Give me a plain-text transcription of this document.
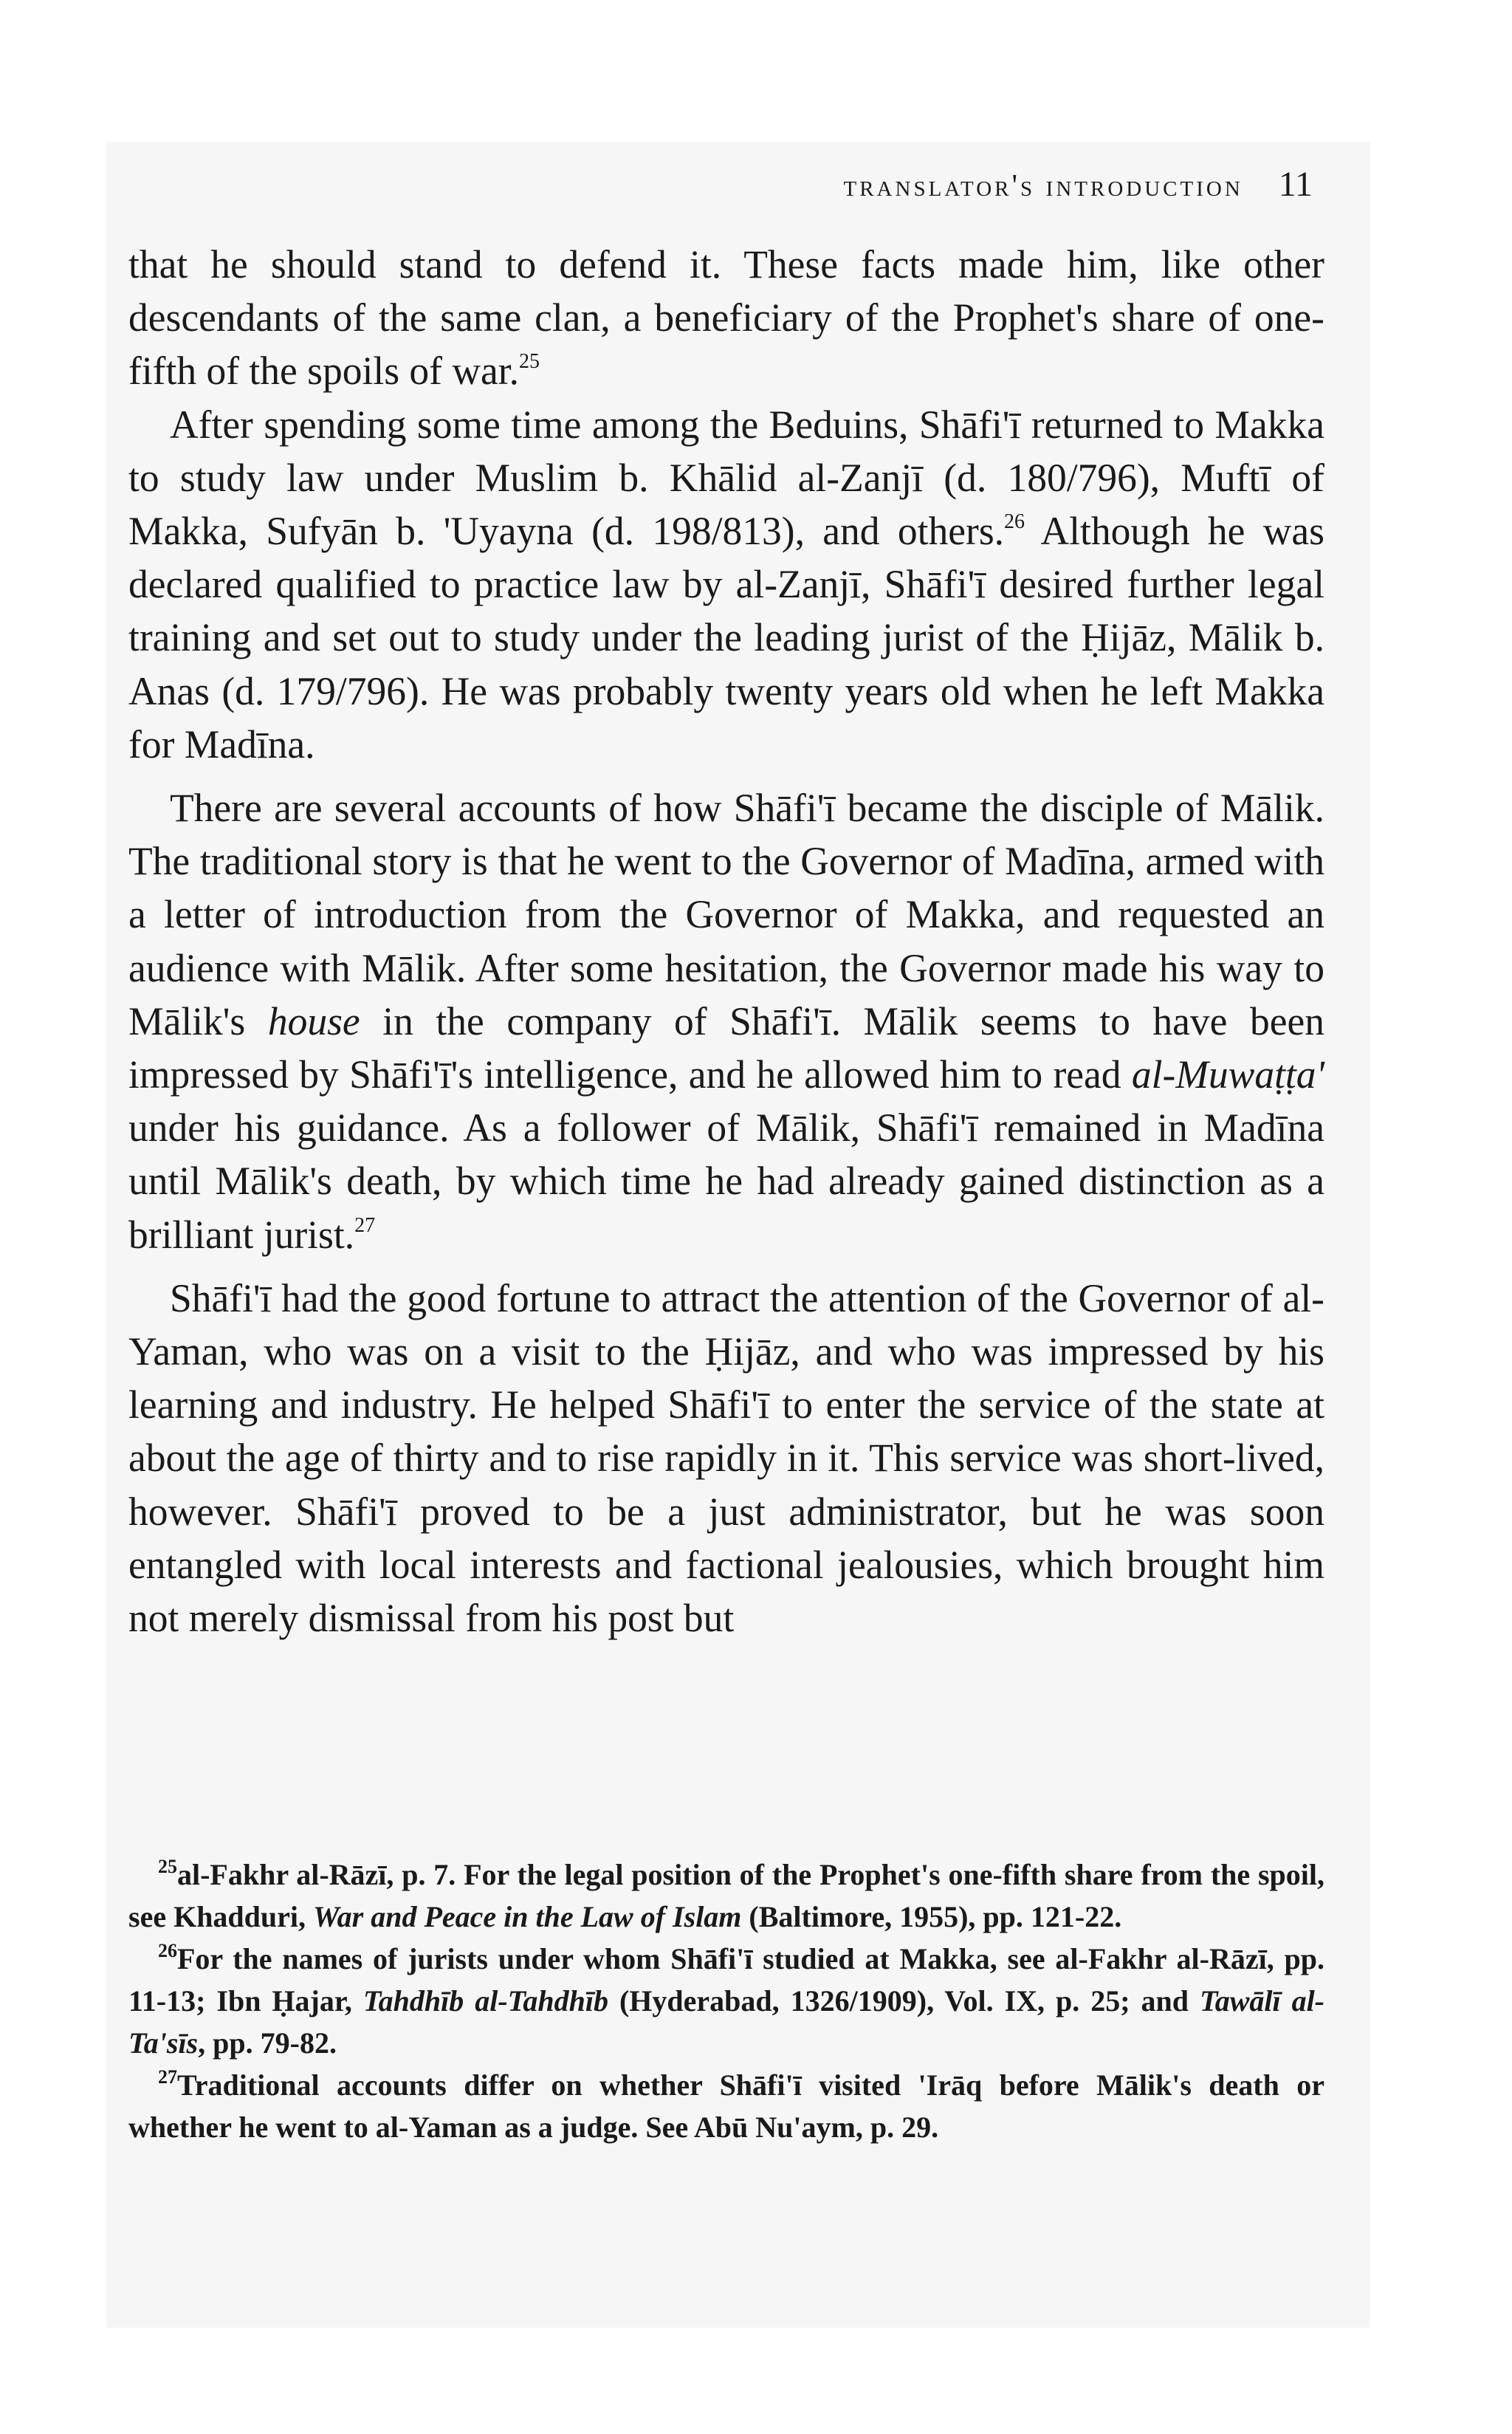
translator's introduction 11

that he should stand to defend it. These facts made him, like other descendants of the same clan, a beneficiary of the Prophet's share of one-fifth of the spoils of war.$^{25}$

After spending some time among the Beduins, Shāfi'ī returned to Makka to study law under Muslim b. Khālid al-Zanjī (d. 180/796), Muftī of Makka, Sufyān b. 'Uyayna (d. 198/813), and others.$^{26}$ Although he was declared qualified to practice law by al-Zanjī, Shāfi'ī desired further legal training and set out to study under the leading jurist of the Ḥijāz, Mālik b. Anas (d. 179/796). He was probably twenty years old when he left Makka for Madīna.

There are several accounts of how Shāfi'ī became the disciple of Mālik. The traditional story is that he went to the Governor of Madīna, armed with a letter of introduction from the Governor of Makka, and requested an audience with Mālik. After some hesitation, the Governor made his way to Mālik's house in the company of Shāfi'ī. Mālik seems to have been impressed by Shāfi'ī's intelligence, and he allowed him to read al-Muwaṭṭa' under his guidance. As a follower of Mālik, Shāfi'ī remained in Madīna until Mālik's death, by which time he had already gained distinction as a brilliant jurist.$^{27}$

Shāfi'ī had the good fortune to attract the attention of the Governor of al-Yaman, who was on a visit to the Ḥijāz, and who was impressed by his learning and industry. He helped Shāfi'ī to enter the service of the state at about the age of thirty and to rise rapidly in it. This service was short-lived, however. Shāfi'ī proved to be a just administrator, but he was soon entangled with local interests and factional jealousies, which brought him not merely dismissal from his post but

$^{25}$al-Fakhr al-Rāzī, p. 7. For the legal position of the Prophet's one-fifth share from the spoil, see Khadduri, War and Peace in the Law of Islam (Baltimore, 1955), pp. 121-22.

$^{26}$For the names of jurists under whom Shāfi'ī studied at Makka, see al-Fakhr al-Rāzī, pp. 11-13; Ibn Ḥajar, Tahdhīb al-Tahdhīb (Hyderabad, 1326/1909), Vol. IX, p. 25; and Tawālī al-Ta'sīs, pp. 79-82.

$^{27}$Traditional accounts differ on whether Shāfi'ī visited 'Irāq before Mālik's death or whether he went to al-Yaman as a judge. See Abū Nu'aym, p. 29.
